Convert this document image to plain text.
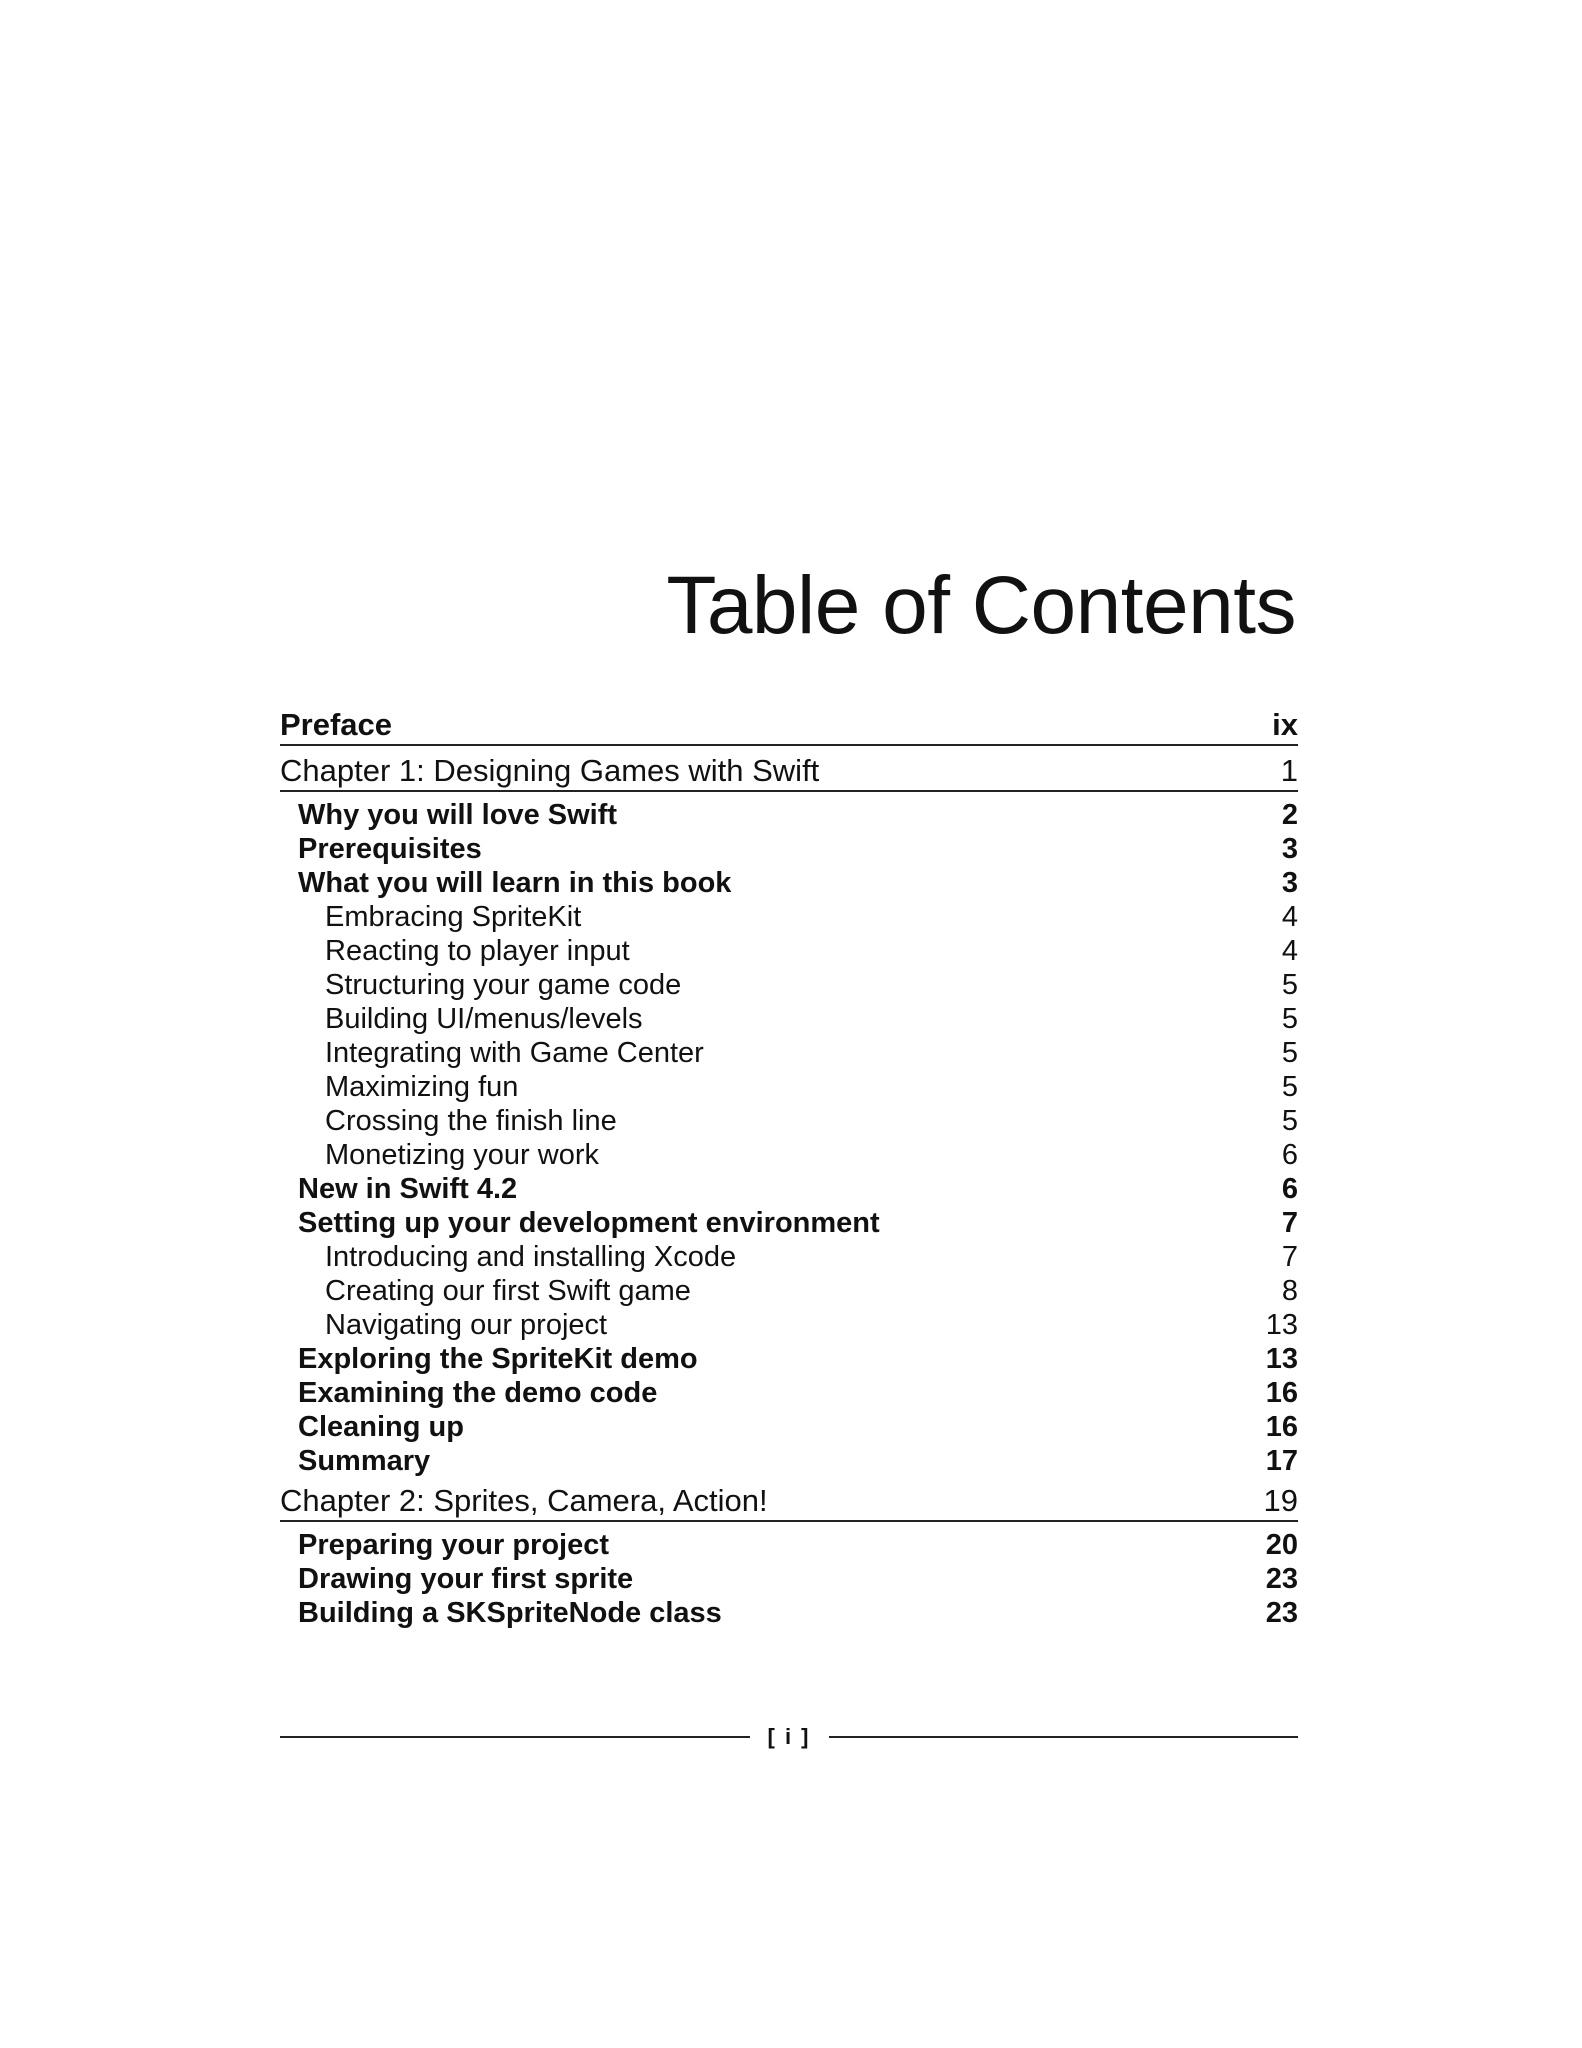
Table of Contents
Preface	ix
Chapter 1: Designing Games with Swift	1
Why you will love Swift	2
Prerequisites	3
What you will learn in this book	3
Embracing SpriteKit	4
Reacting to player input	4
Structuring your game code	5
Building UI/menus/levels	5
Integrating with Game Center	5
Maximizing fun	5
Crossing the finish line	5
Monetizing your work	6
New in Swift 4.2	6
Setting up your development environment	7
Introducing and installing Xcode	7
Creating our first Swift game	8
Navigating our project	13
Exploring the SpriteKit demo	13
Examining the demo code	16
Cleaning up	16
Summary	17
Chapter 2: Sprites, Camera, Action!	19
Preparing your project	20
Drawing your first sprite	23
Building a SKSpriteNode class	23
[ i ]
